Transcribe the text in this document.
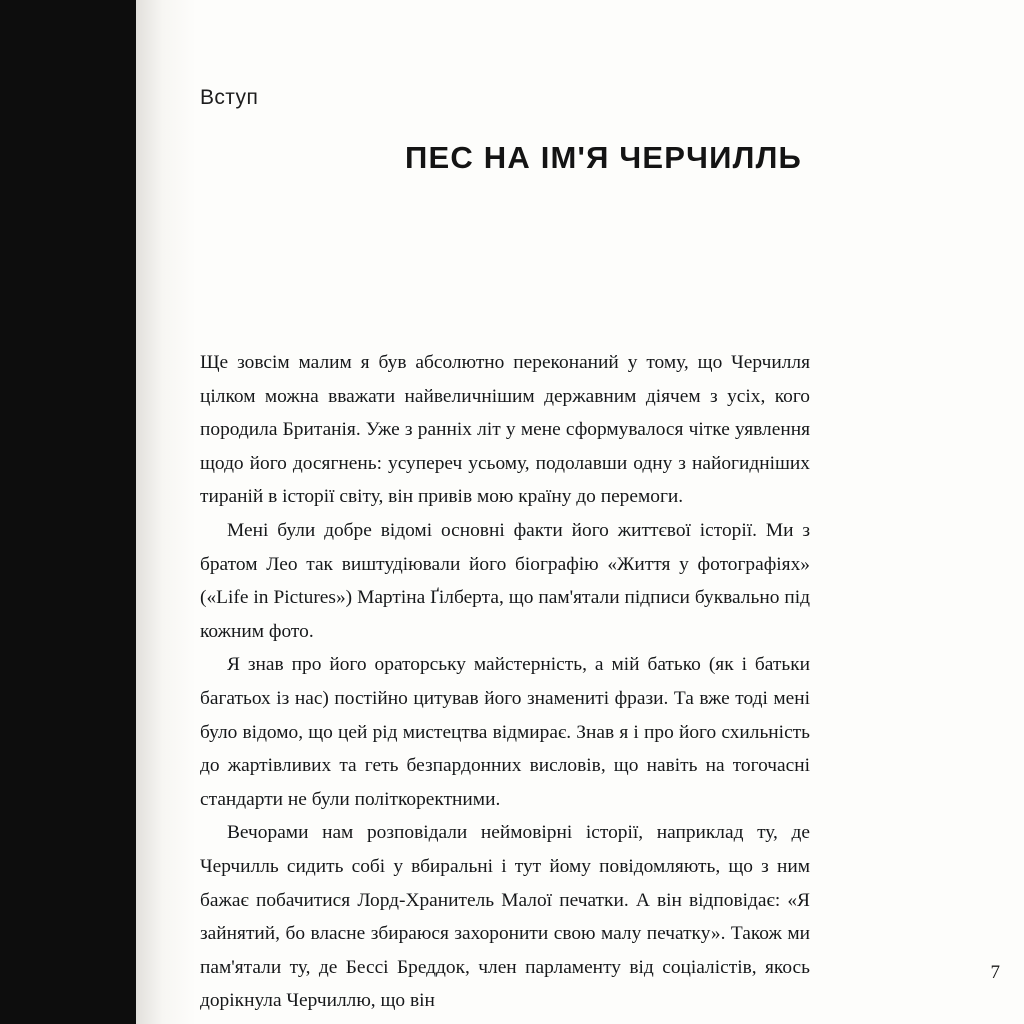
Вступ
ПЕС НА ІМ'Я ЧЕРЧИЛЛЬ

Ще зовсім малим я був абсолютно переконаний у тому, що Черчилля цілком можна вважати найвеличнішим державним діячем з усіх, кого породила Британія. Уже з ранніх літ у мене сформувалося чітке уявлення щодо його досягнень: усупереч усьому, подолавши одну з найогидніших тираній в історії світу, він привів мою країну до перемоги.

Мені були добре відомі основні факти його життєвої історії. Ми з братом Лео так виштудіювали його біографію «Життя у фотографіях» («Life in Pictures») Мартіна Ґілберта, що пам'ятали підписи буквально під кожним фото.

Я знав про його ораторську майстерність, а мій батько (як і батьки багатьох із нас) постійно цитував його знамениті фрази. Та вже тоді мені було відомо, що цей рід мистецтва відмирає. Знав я і про його схильність до жартівливих та геть безпардонних висловів, що навіть на тогочасні стандарти не були політкоректними.

Вечорами нам розповідали неймовірні історії, наприклад ту, де Черчилль сидить собі у вбиральні і тут йому повідомляють, що з ним бажає побачитися Лорд-Хранитель Малої печатки. А він відповідає: «Я зайнятий, бо власне збираюся захоронити свою малу печатку». Також ми пам'ятали ту, де Бессі Бреддок, член парламенту від соціалістів, якось дорікнула Черчиллю, що він

7
